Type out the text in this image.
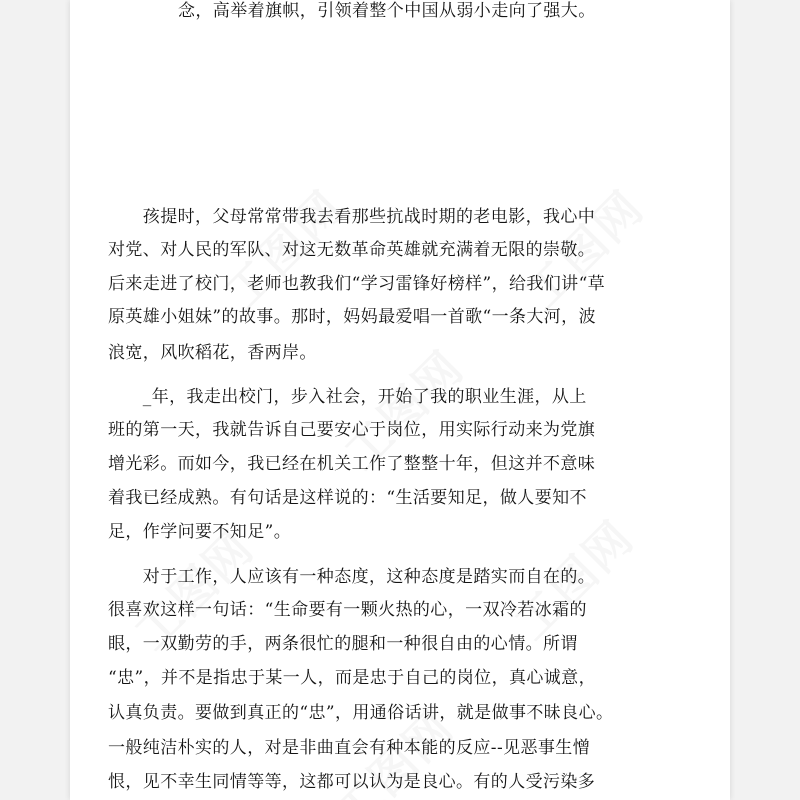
念，高举着旗帜，引领着整个中国从弱小走向了强大。
　　孩提时，父母常常带我去看那些抗战时期的老电影，我心中
对党、对人民的军队、对这无数革命英雄就充满着无限的崇敬。
后来走进了校门，老师也教我们“学习雷锋好榜样”，给我们讲“草
原英雄小姐妹”的故事。那时，妈妈最爱唱一首歌“一条大河，波
浪宽，风吹稻花，香两岸。
　　_年，我走出校门，步入社会，开始了我的职业生涯，从上
班的第一天，我就告诉自己要安心于岗位，用实际行动来为党旗
增光彩。而如今，我已经在机关工作了整整十年，但这并不意味
着我已经成熟。有句话是这样说的：“生活要知足，做人要知不
足，作学问要不知足”。
　　对于工作，人应该有一种态度，这种态度是踏实而自在的。
很喜欢这样一句话：“生命要有一颗火热的心，一双冷若冰霜的
眼，一双勤劳的手，两条很忙的腿和一种很自由的心情。所谓
“忠”，并不是指忠于某一人，而是忠于自己的岗位，真心诚意，
认真负责。要做到真正的“忠”，用通俗话讲，就是做事不昧良心。
一般纯洁朴实的人，对是非曲直会有种本能的反应--见恶事生憎
恨，见不幸生同情等等，这都可以认为是良心。有的人受污染多
